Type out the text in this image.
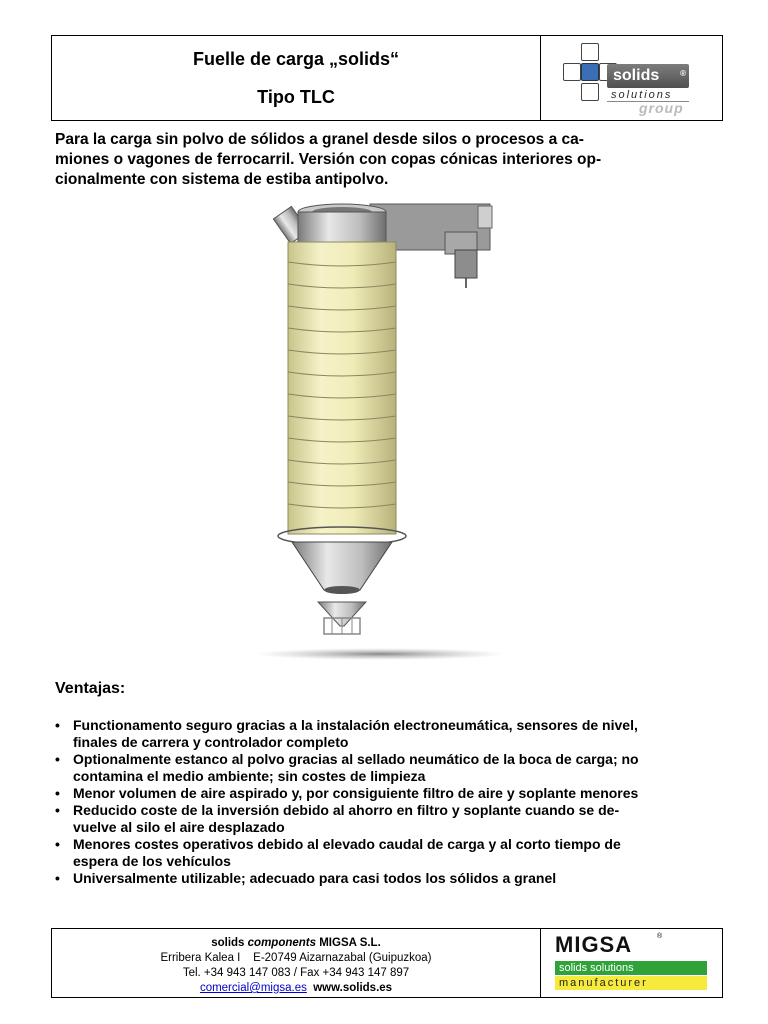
Fuelle de carga „solids“
Tipo TLC
solids	®
solutions
group

Para la carga sin polvo de sólidos a granel desde silos o procesos a ca-

miones o vagones de ferrocarril. Versión con copas cónicas interiores op-

cionalmente con sistema de estiba antipolvo.

Ventajas:
• Functionamento seguro gracias a la instalación electroneumática, sensores de nivel,
finales de carrera y controlador completo
• Optionalmente estanco al polvo gracias al sellado neumático de la boca de carga; no
contamina el medio ambiente; sin costes de limpieza
• Menor volumen de aire aspirado y, por consiguiente filtro de aire y soplante menores
• Reducido coste de la inversión debido al ahorro en filtro y soplante cuando se de-
vuelve al silo el aire desplazado
• Menores costes operativos debido al elevado caudal de carga y al corto tiempo de
espera de los vehículos
• Universalmente utilizable; adecuado para casi todos los sólidos a granel
solids components MIGSA S.L.
Erribera Kalea I    E-20749 Aizarnazabal (Guipuzkoa)
Tel. +34 943 147 083 / Fax +34 943 147 897
comercial@migsa.es www.solids.es
MIGSA	®
solids solutions
manufacturer
